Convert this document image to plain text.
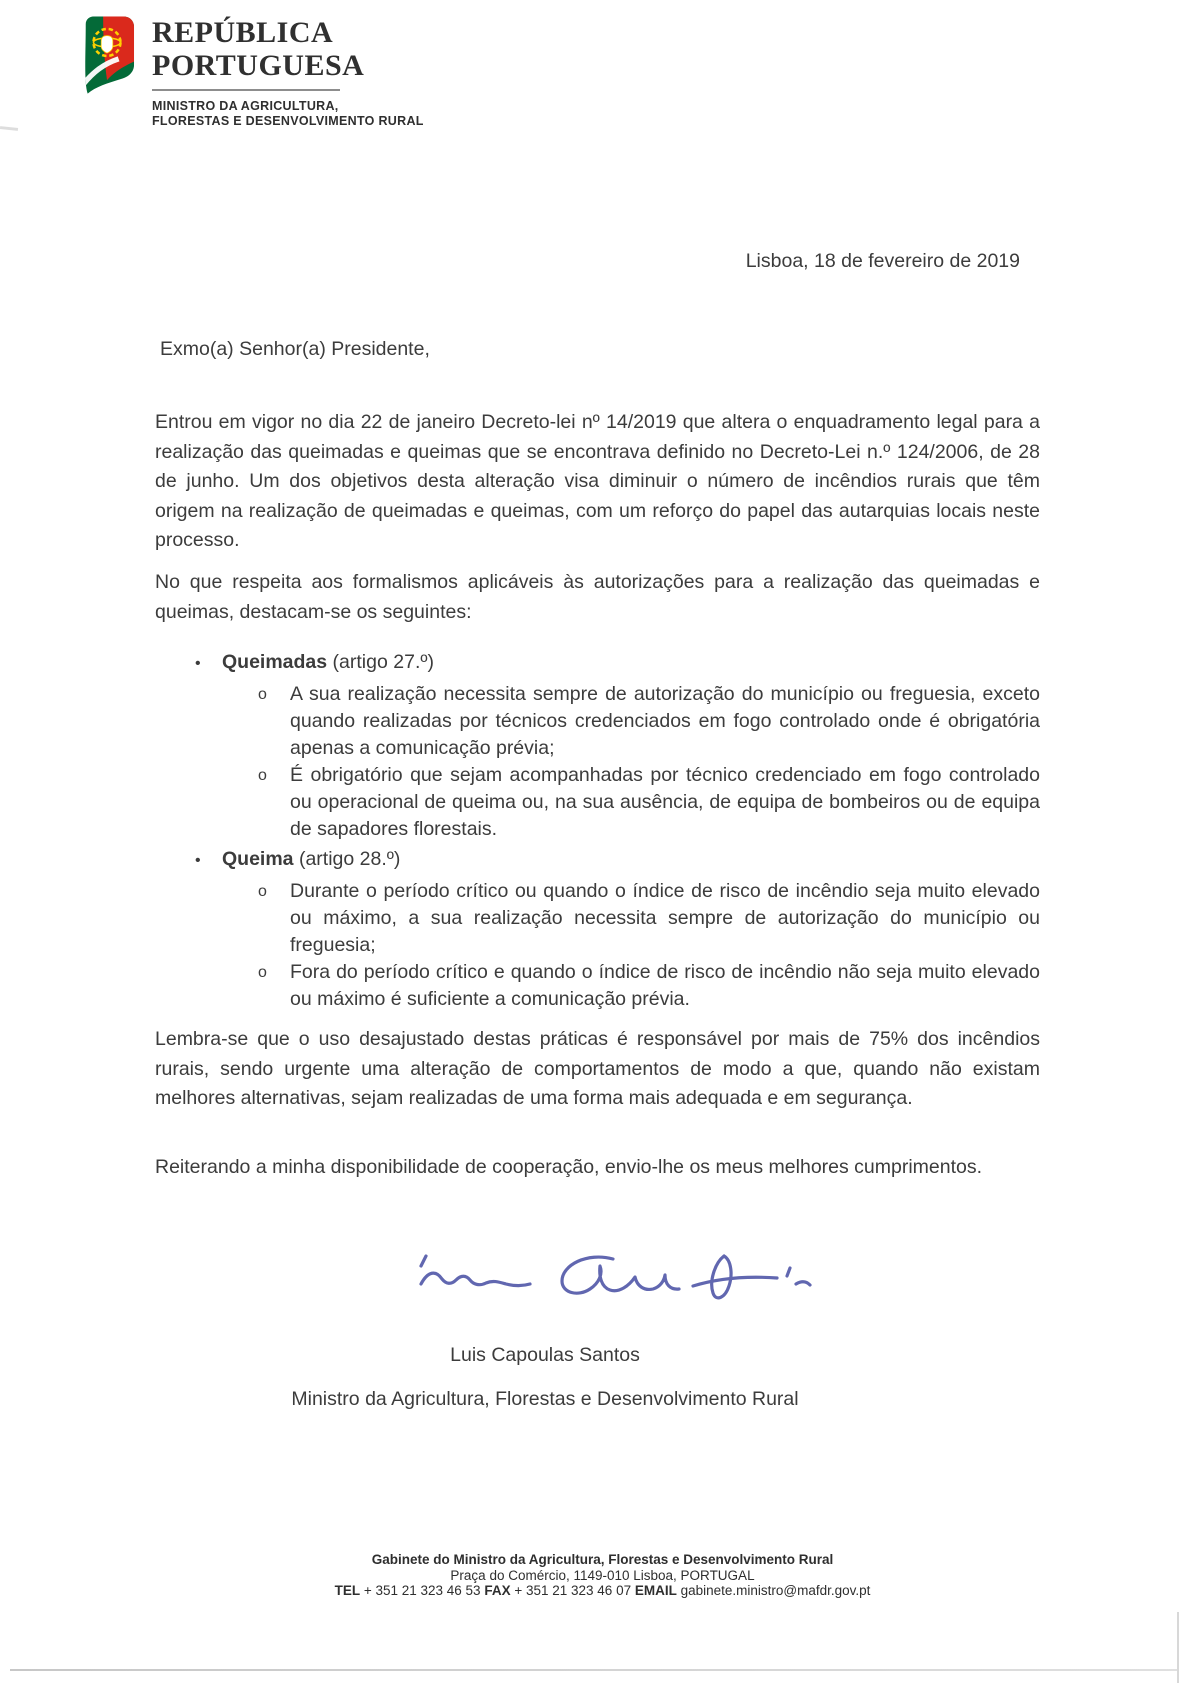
REPÚBLICA
PORTUGUESA
MINISTRO DA AGRICULTURA,
FLORESTAS E DESENVOLVIMENTO RURAL
Lisboa, 18 de fevereiro de 2019
Exmo(a) Senhor(a) Presidente,
Entrou em vigor no dia 22 de janeiro Decreto-lei nº 14/2019 que altera o enquadramento legal para a realização das queimadas e queimas que se encontrava definido no Decreto-Lei n.º 124/2006, de 28 de junho. Um dos objetivos desta alteração visa diminuir o número de incêndios rurais que têm origem na realização de queimadas e queimas, com um reforço do papel das autarquias locais neste processo.
No que respeita aos formalismos aplicáveis às autorizações para a realização das queimadas e queimas, destacam-se os seguintes:
• Queimadas (artigo 27.º)
o	A sua realização necessita sempre de autorização do município ou freguesia, exceto quando realizadas por técnicos credenciados em fogo controlado onde é obrigatória apenas a comunicação prévia;
o	É obrigatório que sejam acompanhadas por técnico credenciado em fogo controlado ou operacional de queima ou, na sua ausência, de equipa de bombeiros ou de equipa de sapadores florestais.
• Queima (artigo 28.º)
o	Durante o período crítico ou quando o índice de risco de incêndio seja muito elevado ou máximo, a sua realização necessita sempre de autorização do município ou freguesia;
o	Fora do período crítico e quando o índice de risco de incêndio não seja muito elevado ou máximo é suficiente a comunicação prévia.
Lembra-se que o uso desajustado destas práticas é responsável por mais de 75% dos incêndios rurais, sendo urgente uma alteração de comportamentos de modo a que, quando não existam melhores alternativas, sejam realizadas de uma forma mais adequada e em segurança.
Reiterando a minha disponibilidade de cooperação, envio-lhe os meus melhores cumprimentos.
Luis Capoulas Santos
Ministro da Agricultura, Florestas e Desenvolvimento Rural
Gabinete do Ministro da Agricultura, Florestas e Desenvolvimento Rural
Praça do Comércio, 1149-010 Lisboa, PORTUGAL
TEL + 351 21 323 46 53 FAX + 351 21 323 46 07 EMAIL gabinete.ministro@mafdr.gov.pt
